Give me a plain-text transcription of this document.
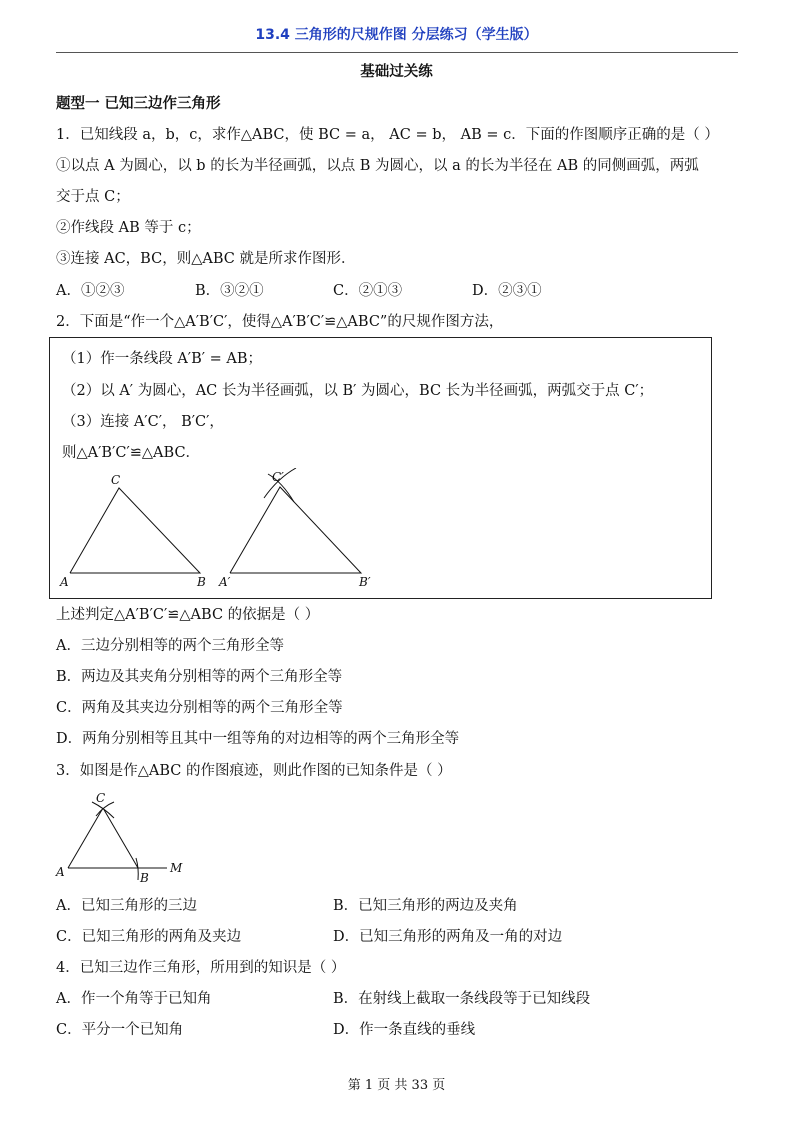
13.4 三角形的尺规作图 分层练习（学生版）
基础过关练
题型一 已知三边作三角形
1．已知线段 a，b，c，求作△ABC，使 BC = a， AC = b， AB = c．下面的作图顺序正确的是（ ）
①以点 A 为圆心，以 b 的长为半径画弧，以点 B 为圆心，以 a 的长为半径在 AB 的同侧画弧，两弧
交于点 C；
②作线段 AB 等于 c；
③连接 AC，BC，则△ABC 就是所求作图形．
A．①②③	B．③②①	C．②①③	D．②③①
2．下面是“作一个△A′B′C′，使得△A′B′C′≌△ABC”的尺规作图方法，
（1）作一条线段 A′B′ = AB；
（2）以 A′ 为圆心，AC 长为半径画弧，以 B′ 为圆心，BC 长为半径画弧，两弧交于点 C′；
（3）连接 A′C′， B′C′，
则△A′B′C′≌△ABC．
A	B
C
A′	B′
C′
上述判定△A′B′C′≌△ABC 的依据是（ ）
A．三边分别相等的两个三角形全等
B．两边及其夹角分别相等的两个三角形全等
C．两角及其夹边分别相等的两个三角形全等
D．两角分别相等且其中一组等角的对边相等的两个三角形全等
3．如图是作△ABC 的作图痕迹，则此作图的已知条件是（ ）
A	B
C
M
A．已知三角形的三边	B．已知三角形的两边及夹角
C．已知三角形的两角及夹边	D．已知三角形的两角及一角的对边
4．已知三边作三角形，所用到的知识是（ ）
A．作一个角等于已知角	B．在射线上截取一条线段等于已知线段
C．平分一个已知角	D．作一条直线的垂线
第 1 页 共 33 页
